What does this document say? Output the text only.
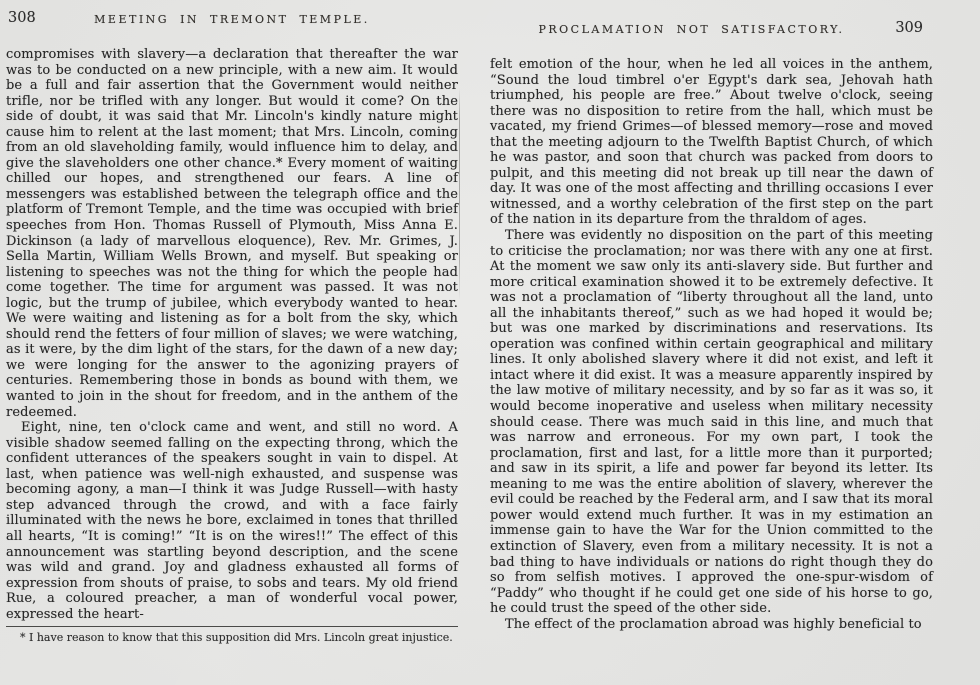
308	MEETING IN TREMONT TEMPLE.

compromises with slavery—a declaration that thereafter the war was to be conducted on a new principle, with a new aim. It would be a full and fair assertion that the Government would neither trifle, nor be trifled with any longer. But would it come? On the side of doubt, it was said that Mr. Lincoln's kindly nature might cause him to relent at the last moment; that Mrs. Lincoln, coming from an old slaveholding family, would influence him to delay, and give the slaveholders one other chance.* Every moment of waiting chilled our hopes, and strengthened our fears. A line of messengers was established between the telegraph office and the platform of Tremont Temple, and the time was occupied with brief speeches from Hon. Thomas Russell of Plymouth, Miss Anna E. Dickinson (a lady of marvellous eloquence), Rev. Mr. Grimes, J. Sella Martin, William Wells Brown, and myself. But speaking or listening to speeches was not the thing for which the people had come together. The time for argument was passed. It was not logic, but the trump of jubilee, which everybody wanted to hear. We were waiting and listening as for a bolt from the sky, which should rend the fetters of four million of slaves; we were watching, as it were, by the dim light of the stars, for the dawn of a new day; we were longing for the answer to the agonizing prayers of centuries. Remembering those in bonds as bound with them, we wanted to join in the shout for freedom, and in the anthem of the redeemed.

Eight, nine, ten o'clock came and went, and still no word. A visible shadow seemed falling on the expecting throng, which the confident utterances of the speakers sought in vain to dispel. At last, when patience was well-nigh exhausted, and suspense was becoming agony, a man—I think it was Judge Russell—with hasty step advanced through the crowd, and with a face fairly illuminated with the news he bore, exclaimed in tones that thrilled all hearts, “It is coming!” “It is on the wires!!” The effect of this announcement was startling beyond description, and the scene was wild and grand. Joy and gladness exhausted all forms of expression from shouts of praise, to sobs and tears. My old friend Rue, a coloured preacher, a man of wonderful vocal power, expressed the heart-

* I have reason to know that this supposition did Mrs. Lincoln great injustice.

PROCLAMATION NOT SATISFACTORY.	309

felt emotion of the hour, when he led all voices in the anthem, “Sound the loud timbrel o'er Egypt's dark sea, Jehovah hath triumphed, his people are free.” About twelve o'clock, seeing there was no disposition to retire from the hall, which must be vacated, my friend Grimes—of blessed memory—rose and moved that the meeting adjourn to the Twelfth Baptist Church, of which he was pastor, and soon that church was packed from doors to pulpit, and this meeting did not break up till near the dawn of day. It was one of the most affecting and thrilling occasions I ever witnessed, and a worthy celebration of the first step on the part of the nation in its departure from the thraldom of ages.

There was evidently no disposition on the part of this meeting to criticise the proclamation; nor was there with any one at first. At the moment we saw only its anti-slavery side. But further and more critical examination showed it to be extremely defective. It was not a proclamation of “liberty throughout all the land, unto all the inhabitants thereof,” such as we had hoped it would be; but was one marked by discriminations and reservations. Its operation was confined within certain geographical and military lines. It only abolished slavery where it did not exist, and left it intact where it did exist. It was a measure apparently inspired by the law motive of military necessity, and by so far as it was so, it would become inoperative and useless when military necessity should cease. There was much said in this line, and much that was narrow and erroneous. For my own part, I took the proclamation, first and last, for a little more than it purported; and saw in its spirit, a life and power far beyond its letter. Its meaning to me was the entire abolition of slavery, wherever the evil could be reached by the Federal arm, and I saw that its moral power would extend much further. It was in my estimation an immense gain to have the War for the Union committed to the extinction of Slavery, even from a military necessity. It is not a bad thing to have individuals or nations do right though they do so from selfish motives. I approved the one-spur-wisdom of “Paddy” who thought if he could get one side of his horse to go, he could trust the speed of the other side.

The effect of the proclamation abroad was highly beneficial to
